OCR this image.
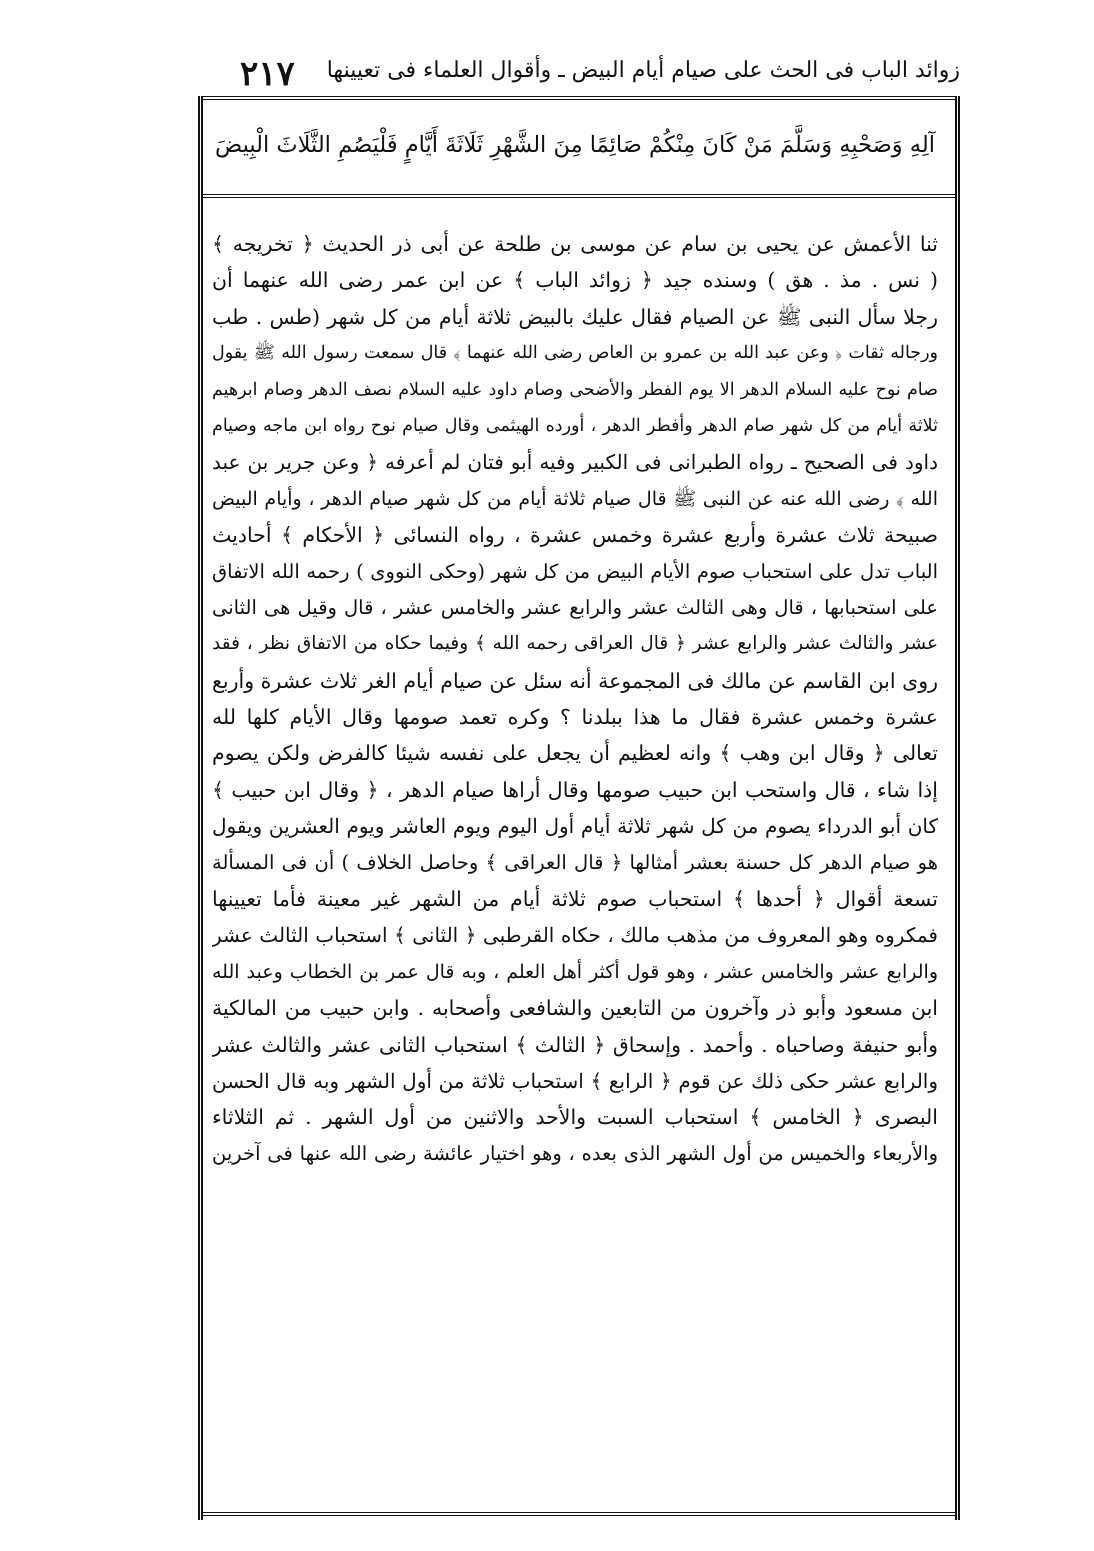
زوائد الباب فى الحث على صيام أيام البيض ـ وأقوال العلماء فى تعيينها
٢١٧
آلِهِ وَصَحْبِهِ وَسَلَّمَ مَنْ كَانَ مِنْكُمْ صَائِمًا مِنَ الشَّهْرِ ثَلَاثَةَ أَيَّامٍ فَلْيَصُمِ الثَّلَاثَ الْبِيضَ
ثنا الأعمش عن يحيى بن سام عن موسى بن طلحة عن أبى ذر الحديث ﴿ تخريجه ﴾
( نس . مذ . هق ) وسنده جيد ﴿ زوائد الباب ﴾ عن ابن عمر رضى الله عنهما أن
رجلا سأل النبى ﷺ عن الصيام فقال عليك بالبيض ثلاثة أيام من كل شهر (طس . طب
ورجاله ثقات ﴿ وعن عبد الله بن عمرو بن العاص رضى الله عنهما ﴾ قال سمعت رسول الله ﷺ يقول
صام نوح عليه السلام الدهر الا يوم الفطر والأضحى وصام داود عليه السلام نصف الدهر وصام ابرهيم
ثلاثة أيام من كل شهر صام الدهر وأفطر الدهر ، أورده الهيثمى وقال صيام نوح رواه ابن ماجه وصيام
داود فى الصحيح ـ رواه الطبرانى فى الكبير وفيه أبو فتان لم أعرفه ﴿ وعن جرير بن عبد
الله ﴾ رضى الله عنه عن النبى ﷺ قال صيام ثلاثة أيام من كل شهر صيام الدهر ، وأيام البيض
صبيحة ثلاث عشرة وأربع عشرة وخمس عشرة ، رواه النسائى ﴿ الأحكام ﴾ أحاديث
الباب تدل على استحباب صوم الأيام البيض من كل شهر (وحكى النووى ) رحمه الله الاتفاق
على استحبابها ، قال وهى الثالث عشر والرابع عشر والخامس عشر ، قال وقيل هى الثانى
عشر والثالث عشر والرابع عشر ﴿ قال العراقى رحمه الله ﴾ وفيما حكاه من الاتفاق نظر ، فقد
روى ابن القاسم عن مالك فى المجموعة أنه سئل عن صيام أيام الغر ثلاث عشرة وأربع
عشرة وخمس عشرة فقال ما هذا ببلدنا ؟ وكره تعمد صومها وقال الأيام كلها لله
تعالى ﴿ وقال ابن وهب ﴾ وانه لعظيم أن يجعل على نفسه شيئا كالفرض ولكن يصوم
إذا شاء ، قال واستحب ابن حبيب صومها وقال أراها صيام الدهر ، ﴿ وقال ابن حبيب ﴾
كان أبو الدرداء يصوم من كل شهر ثلاثة أيام أول اليوم ويوم العاشر ويوم العشرين ويقول
هو صيام الدهر كل حسنة بعشر أمثالها ﴿ قال العراقى ﴾ وحاصل الخلاف ) أن فى المسألة
تسعة أقوال ﴿ أحدها ﴾ استحباب صوم ثلاثة أيام من الشهر غير معينة فأما تعيينها
فمكروه وهو المعروف من مذهب مالك ، حكاه القرطبى ﴿ الثانى ﴾ استحباب الثالث عشر
والرابع عشر والخامس عشر ، وهو قول أكثر أهل العلم ، وبه قال عمر بن الخطاب وعبد الله
ابن مسعود وأبو ذر وآخرون من التابعين والشافعى وأصحابه . وابن حبيب من المالكية
وأبو حنيفة وصاحباه . وأحمد . وإسحاق ﴿ الثالث ﴾ استحباب الثانى عشر والثالث عشر
والرابع عشر حكى ذلك عن قوم ﴿ الرابع ﴾ استحباب ثلاثة من أول الشهر وبه قال الحسن
البصرى ﴿ الخامس ﴾ استحباب السبت والأحد والاثنين من أول الشهر . ثم الثلاثاء
والأربعاء والخميس من أول الشهر الذى بعده ، وهو اختيار عائشة رضى الله عنها فى آخرين
